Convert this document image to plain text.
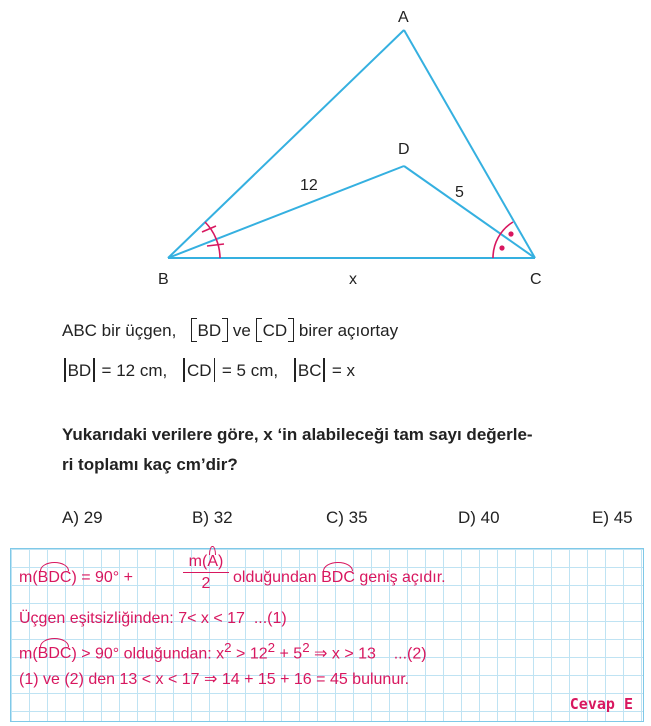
A
B	C
D
12	5
x
ABC bir üçgen, BD ve CD birer açıortay
BD = 12 cm, CD = 5 cm, BC = x
Yukarıdaki verilere göre, x ‘in alabileceği tam sayı değerle-
ri toplamı kaç cm’dir?
A) 29	B) 32	C) 35	D) 40	E) 45
m(BDC) = 90° +	$\frac{m(A)}{2}$ olduğundan BDC geniş açıdır.
Üçgen eşitsizliğinden: 7< x < 17 ...(1)
m(BDC) > 90° olduğundan: $x^2 > 12^2 + 5^2$ ⇒ x > 13 ...(2)
(1) ve (2) den 13 < x < 17 ⇒ 14 + 15 + 16 = 45 bulunur.
Cevap E
